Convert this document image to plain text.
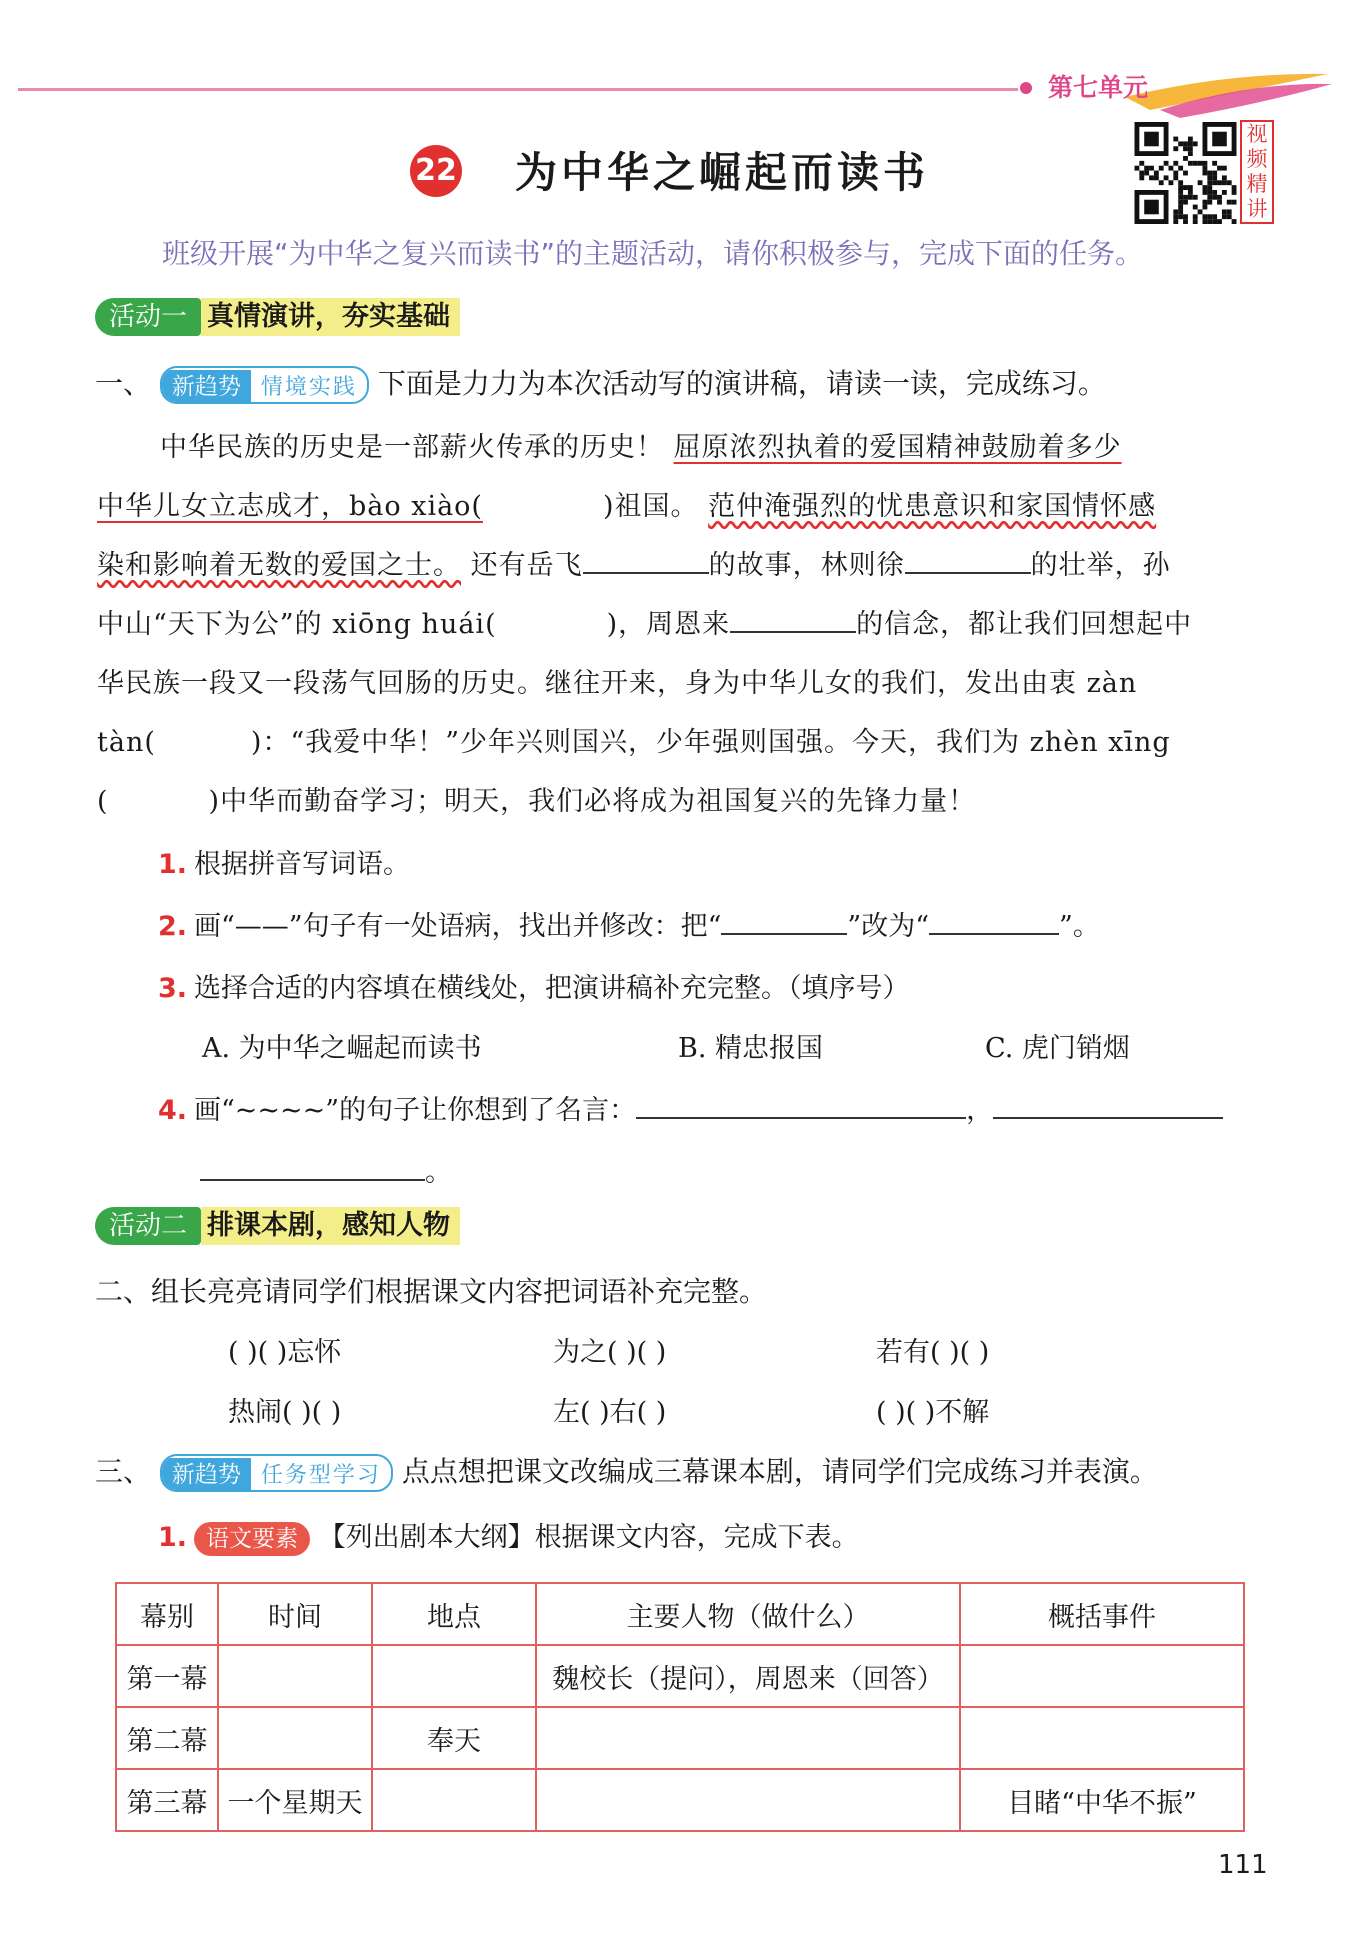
第七单元
22 为中华之崛起而读书
视
频
精
讲
班级开展“为中华之复兴而读书”的主题活动，请你积极参与，完成下面的任务。
活动一 真情演讲，夯实基础
一、 新趋势 情境实践 下面是力力为本次活动写的演讲稿，请读一读，完成练习。
中华民族的历史是一部薪火传承的历史！ 屈原浓烈执着的爱国精神鼓励着多少
中华儿女立志成才，bào xiào(	)祖国。 范仲淹强烈的忧患意识和家国情怀感
染和影响着无数的爱国之士。 还有岳飞	的故事，林则徐	的壮举，孙
中山“天下为公”的 xiōng huái(	)，周恩来	的信念，都让我们回想起中
华民族一段又一段荡气回肠的历史。继往开来，身为中华儿女的我们，发出由衷 zàn
tàn(	)：“我爱中华！”少年兴则国兴，少年强则国强。今天，我们为 zhèn xīng
(	)中华而勤奋学习；明天，我们必将成为祖国复兴的先锋力量！
1. 根据拼音写词语。
2. 画“——”句子有一处语病，找出并修改：把“	”改为“	”。
3. 选择合适的内容填在横线处，把演讲稿补充完整。（填序号）
A. 为中华之崛起而读书	B. 精忠报国	C. 虎门销烟
4. 画“~~~~”的句子让你想到了名言：	，
。
活动二 排课本剧，感知人物
二、组长亮亮请同学们根据课文内容把词语补充完整。
( )( )忘怀	为之( )( )	若有( )( )
热闹( )( )	左( )右( )	( )( )不解
三、 新趋势 任务型学习 点点想把课文改编成三幕课本剧，请同学们完成练习并表演。
1. 语文要素 【列出剧本大纲】根据课文内容，完成下表。
幕别	时间	地点	主要人物（做什么）	概括事件
第一幕			魏校长（提问），周恩来（回答）	
第二幕		奉天		
第三幕	一个星期天			目睹“中华不振”
111
